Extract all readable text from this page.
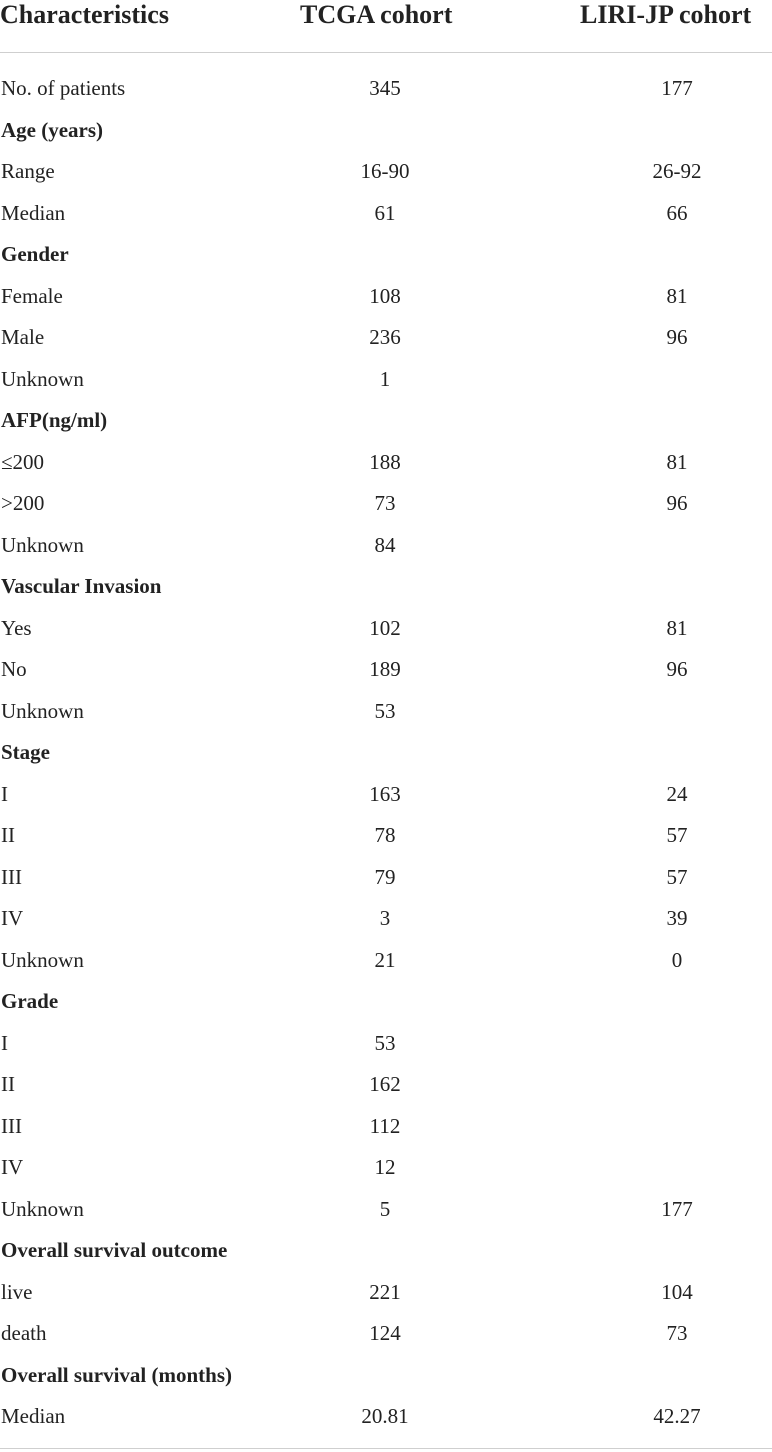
Characteristics	TCGA cohort	LIRI-JP cohort
No. of patients	345	177
Age (years)
Range	16-90	26-92
Median	61	66
Gender
Female	108	81
Male	236	96
Unknown	1
AFP(ng/ml)
≤200	188	81
>200	73	96
Unknown	84
Vascular Invasion
Yes	102	81
No	189	96
Unknown	53
Stage
I	163	24
II	78	57
III	79	57
IV	3	39
Unknown	21	0
Grade
I	53
II	162
III	112
IV	12
Unknown	5	177
Overall survival outcome
live	221	104
death	124	73
Overall survival (months)
Median	20.81	42.27
